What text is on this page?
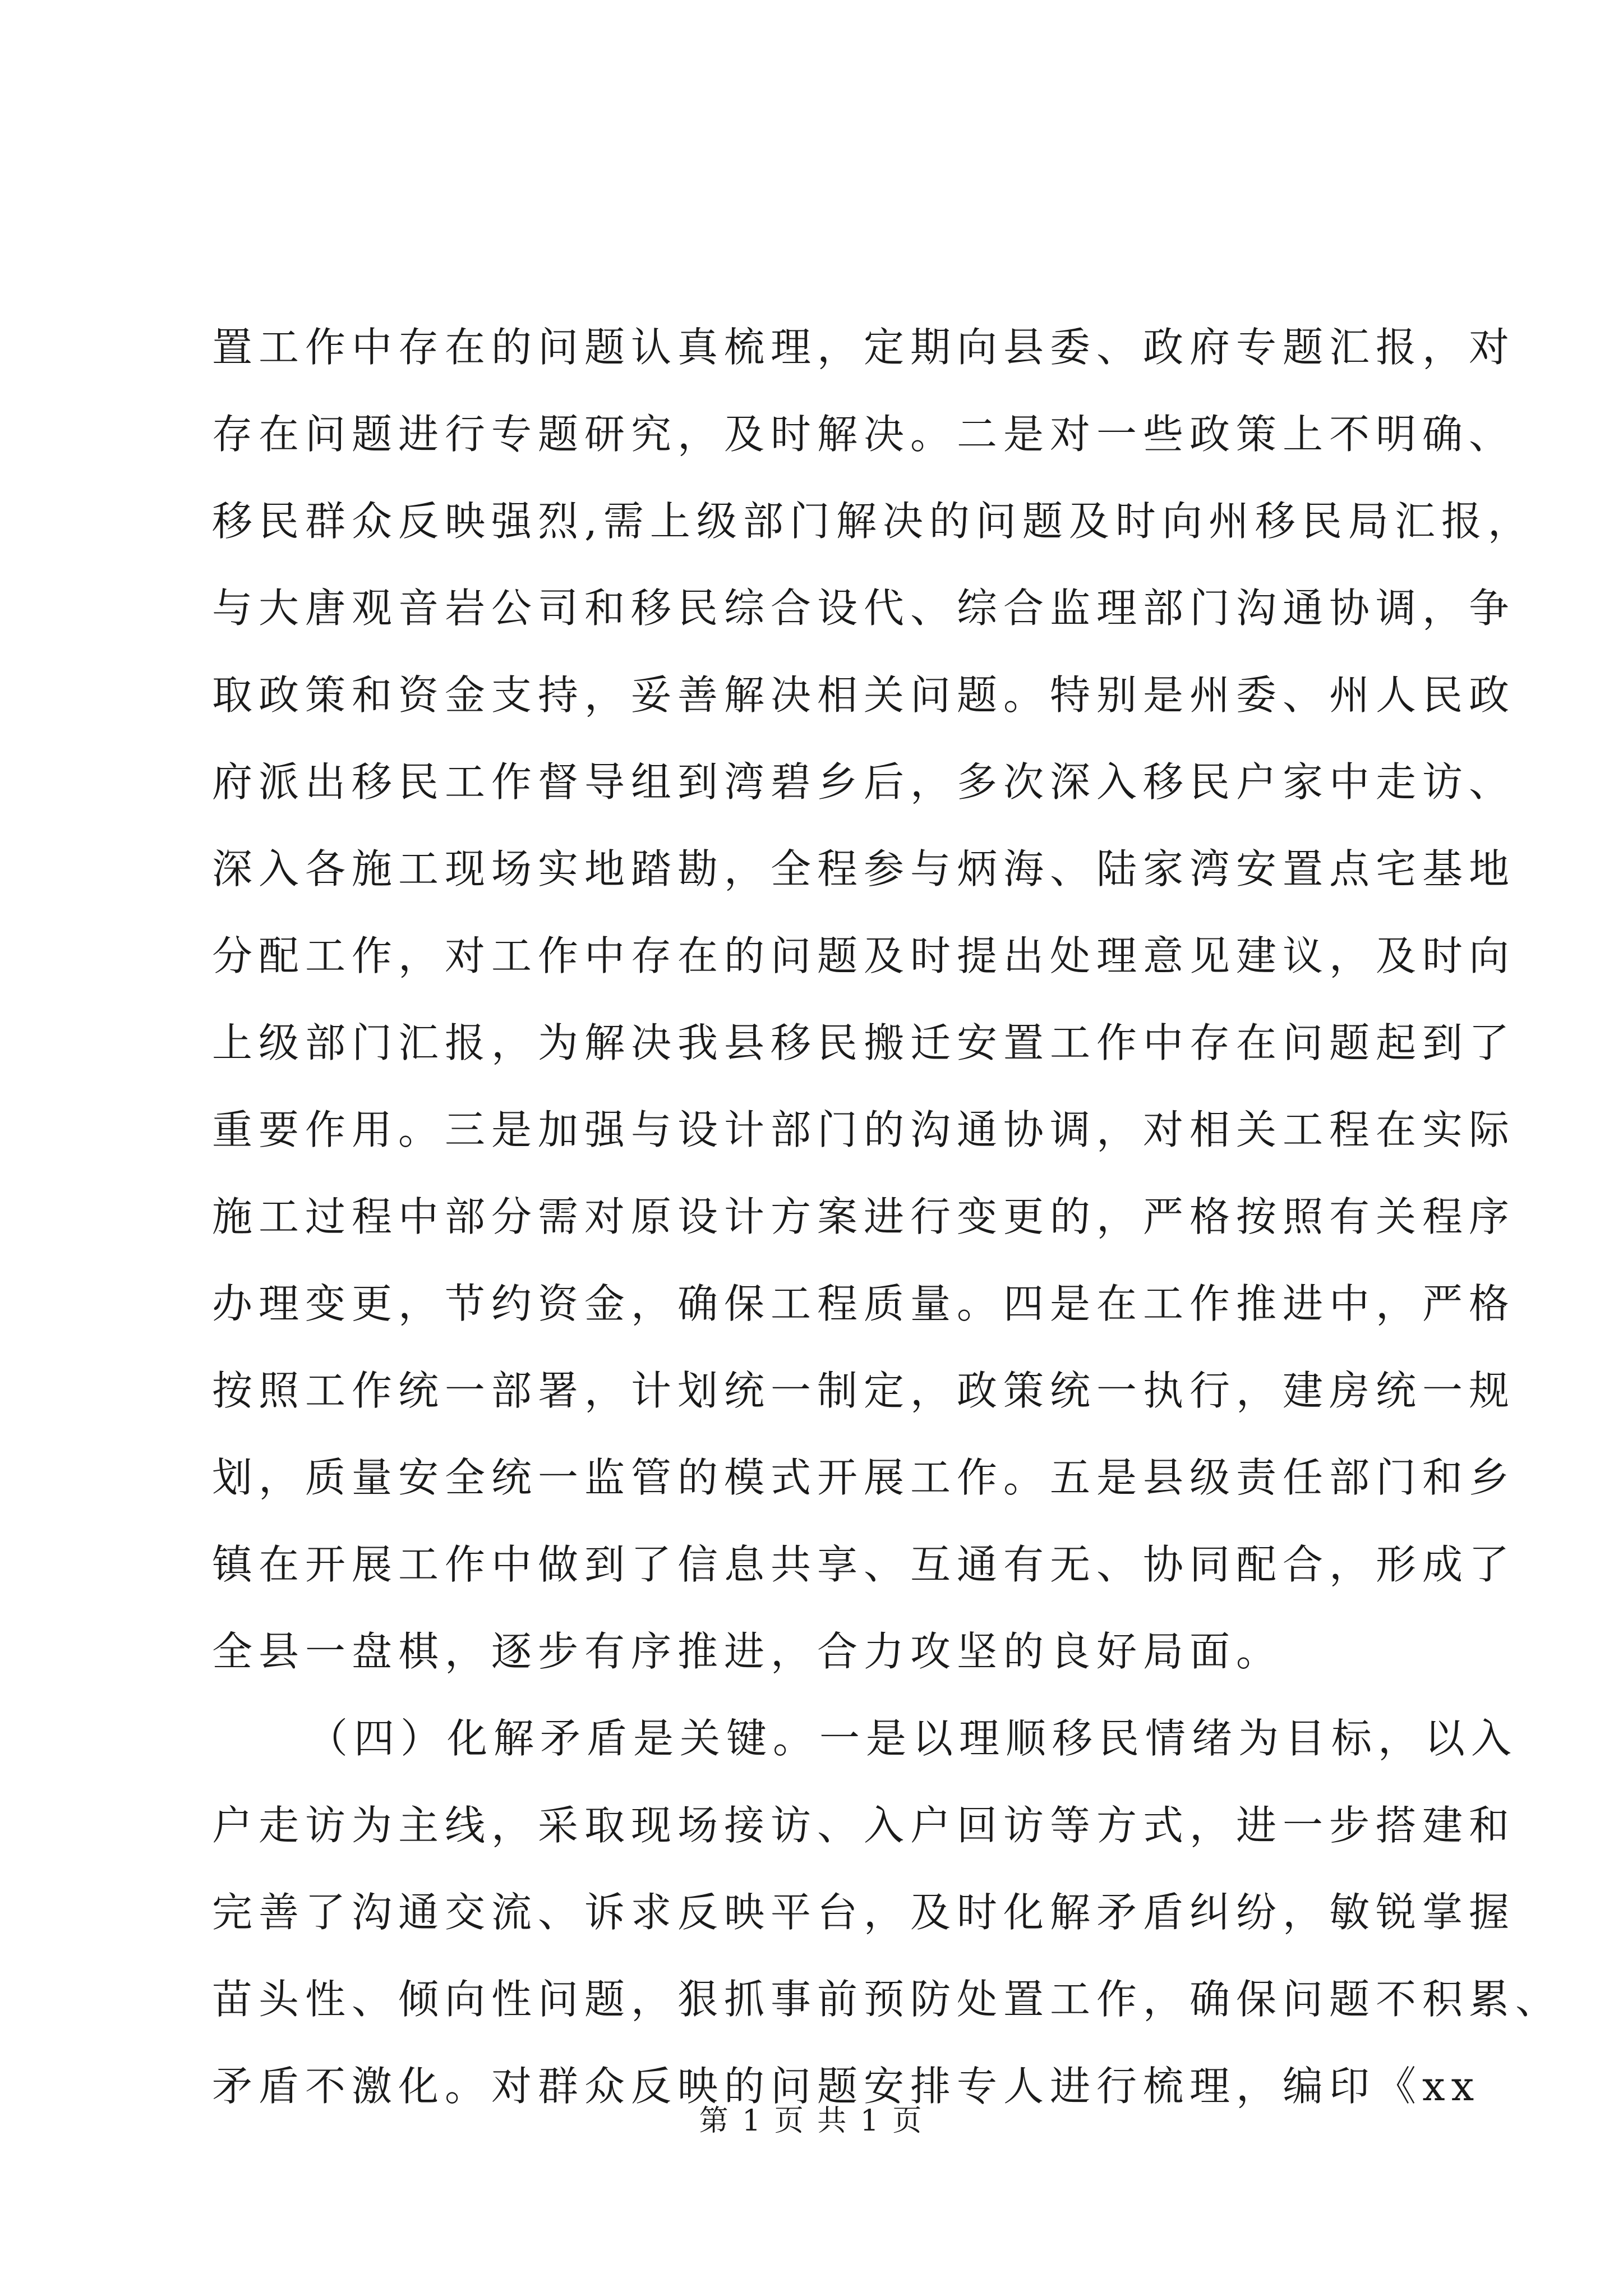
置工作中存在的问题认真梳理，定期向县委、政府专题汇报，对
存在问题进行专题研究，及时解决。二是对一些政策上不明确、
移民群众反映强烈,需上级部门解决的问题及时向州移民局汇报，
与大唐观音岩公司和移民综合设代、综合监理部门沟通协调，争
取政策和资金支持，妥善解决相关问题。特别是州委、州人民政
府派出移民工作督导组到湾碧乡后，多次深入移民户家中走访、
深入各施工现场实地踏勘，全程参与炳海、陆家湾安置点宅基地
分配工作，对工作中存在的问题及时提出处理意见建议，及时向
上级部门汇报，为解决我县移民搬迁安置工作中存在问题起到了
重要作用。三是加强与设计部门的沟通协调，对相关工程在实际
施工过程中部分需对原设计方案进行变更的，严格按照有关程序
办理变更，节约资金，确保工程质量。四是在工作推进中，严格
按照工作统一部署，计划统一制定，政策统一执行，建房统一规
划，质量安全统一监管的模式开展工作。五是县级责任部门和乡
镇在开展工作中做到了信息共享、互通有无、协同配合，形成了
全县一盘棋，逐步有序推进，合力攻坚的良好局面。
（四）化解矛盾是关键。一是以理顺移民情绪为目标，以入
户走访为主线，采取现场接访、入户回访等方式，进一步搭建和
完善了沟通交流、诉求反映平台，及时化解矛盾纠纷，敏锐掌握
苗头性、倾向性问题，狠抓事前预防处置工作，确保问题不积累、
矛盾不激化。对群众反映的问题安排专人进行梳理，编印《xx
第 1 页 共 1 页
